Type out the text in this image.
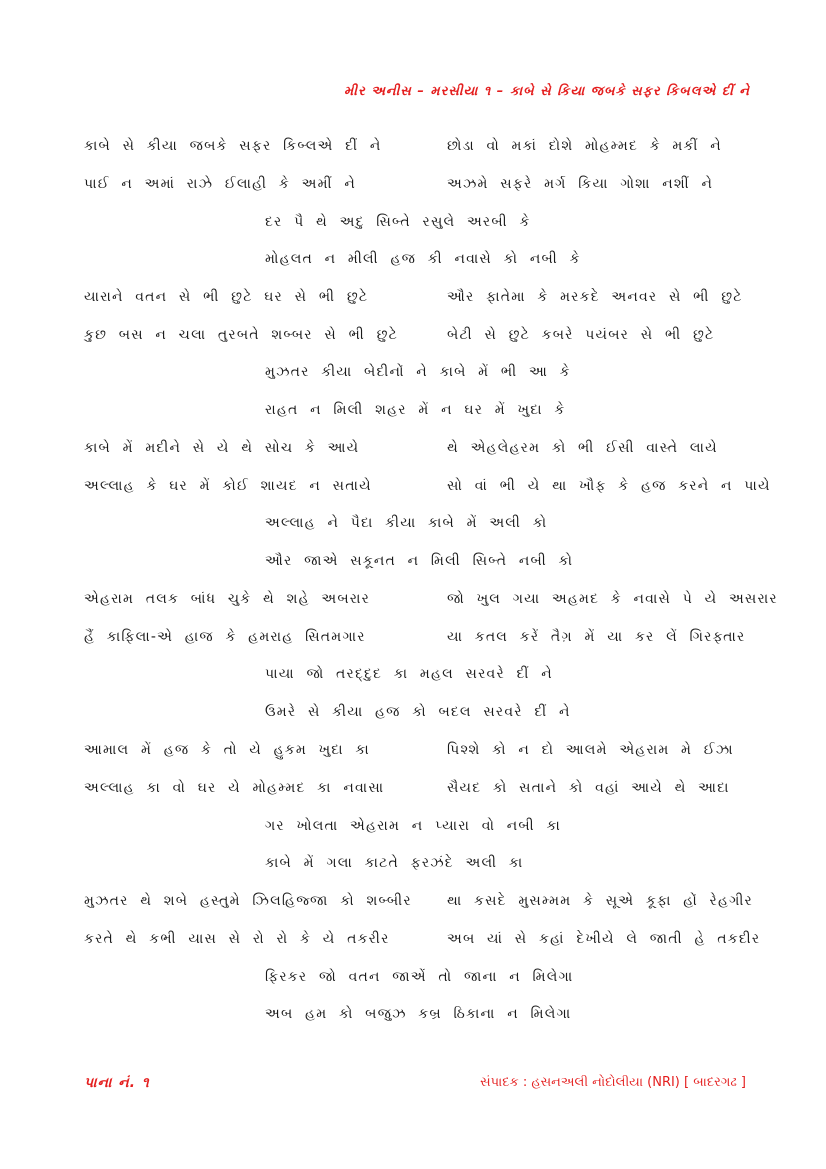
મીર અનીસ – મરસીયા ૧ – કાબે સે કિયા જબકે સફર કિબલએ દીં ને
કાબે સે કીયા જબકે સફર કિબ્લએ દીં ને	છોડા વો મકાં દોશે મોહમ્મદ કે મકીં ને
પાઈ ન અમાં રાઝે ઈલાહી કે અમીં ને	અઝમે સફરે મર્ગ કિયા ગોશા નશીં ને
દર પૈ થે અદુ સિબ્તે રસુલે અરબી કે
મોહલત ન મીલી હજ કી નવાસે કો નબી કે
યારાને વતન સે ભી છુટે ઘર સે ભી છુટે	ઔર ફાતેમા કે મરકદે અનવર સે ભી છુટે
કુછ બસ ન ચલા તુરબતે શબ્બર સે ભી છુટે	બેટી સે છુટે કબરે પયંબર સે ભી છુટે
મુઝતર કીયા બેદીનોં ને કાબે મેં ભી આ કે
રાહત ન મિલી શહર મેં ન ઘર મેં ખુદા કે
કાબે મેં મદીને સે યે થે સોચ કે આયે	થે એહલેહરમ કો ભી ઈસી વાસ્તે લાયે
અલ્લાહ કે ઘર મેં કોઈ શાયદ ન સતાયે	સો વાં ભી યે થા ખૌફ કે હજ કરને ન પાયે
અલ્લાહ ને પૈદા કીયા કાબે મેં અલી કો
ઔર જાએ સકૂનત ન મિલી સિબ્તે નબી કો
એહરામ તલક બાંધ ચુકે થે શહે અબરાર	જો ખુલ ગયા અહમદ કે નવાસે પે યે અસરાર
હૈં કાફિલા-એ હાજ કે હમરાહ સિતમગાર	યા કતલ કરેં તૈગ઼ મેં યા કર લેં ગિરફ્તાર
પાયા જો તરદ્દુદ કા મહલ સરવરે દીં ને
ઉમરે સે કીયા હજ કો બદલ સરવરે દીં ને
આમાલ મેં હજ કે તો યે હુકમ ખુદા કા	પિશ્શે કો ન દો આલમે એહરામ મે ઈઝા
અલ્લાહ કા વો ઘર યે મોહમ્મદ કા નવાસા	સૈયદ કો સતાને કો વહાં આયે થે આદા
ગર ખોલતા એહરામ ન પ્યારા વો નબી કા
કાબે મેં ગલા કાટતે ફરઝંદે અલી કા
મુઝતર થે શબે હસ્તુમે ઝિલહિજ્જા કો શબ્બીર	થા કસદે મુસમ્મમ કે સૂએ કૂફા હોં રેહગીર
કરતે થે કભી યાસ સે રો રો કે યે તકરીર	અબ યાં સે કહાં દેખીયે લે જાતી હે તકદીર
ફિરકર જો વતન જાએં તો જાના ન મિલેગા
અબ હમ કો બજુઝ કબ્ર ઠિકાના ન મિલેગા
પાના નં. ૧	સંપાદક : હસનઅલી નોદોલીયા (NRI) [ બાદરગઢ ]
